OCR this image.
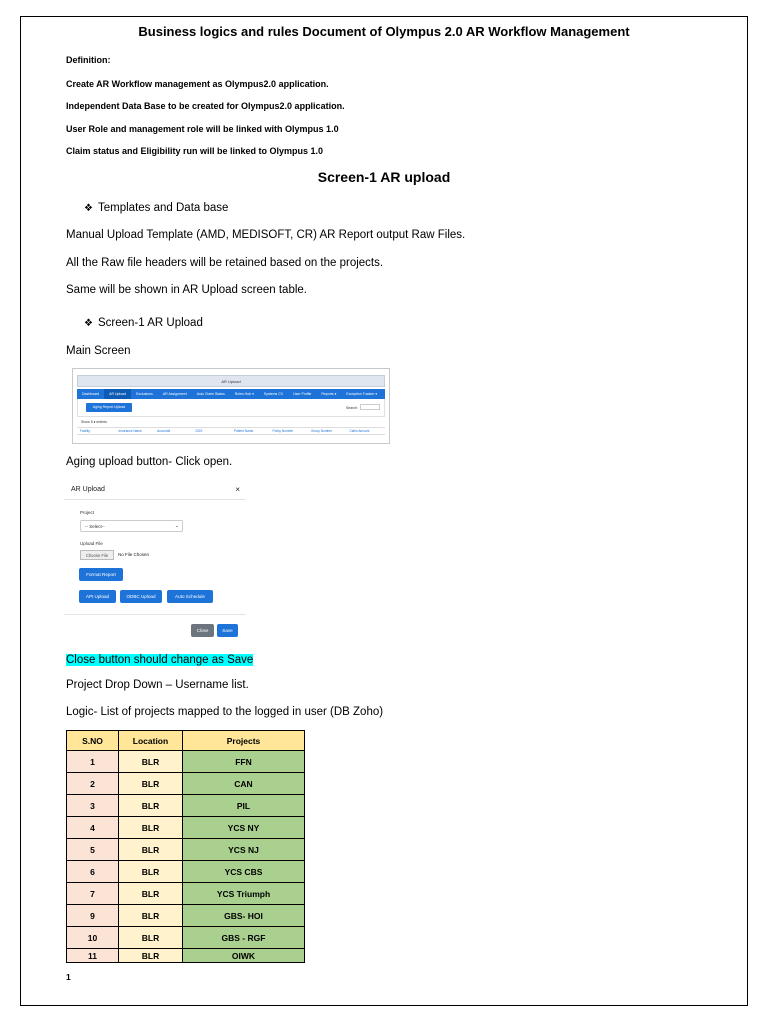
Business logics and rules Document of Olympus 2.0 AR Workflow Management
Definition:
Create AR Workflow management as Olympus2.0 application.
Independent Data Base to be created for Olympus2.0 application.
User Role and management role will be linked with Olympus 1.0
Claim status and Eligibility run will be linked to Olympus 1.0
Screen-1 AR upload
❖ Templates and Data base
Manual Upload Template (AMD, MEDISOFT, CR) AR Report output Raw Files.
All the Raw file headers will be retained based on the projects.
Same will be shown in AR Upload screen table.
❖ Screen-1 AR Upload
Main Screen

AR Upload
Dashboard	AR Upload	Exclusions	AR Assignment	Auto Claim Status	Rules Hub ▾	Systems CV	User Profile	Reports ▾	Exception Tracker ▾
Aging Report Upload	Search:
Show 5 ♦ entries
Facility	Insurance Name	Account#	DOS	Patient Name	Policy Number	Group Number	Claim Amount
Aging upload button- Click open.
AR Upload	×
Project
-- Select--	⌄
Upload File
Choose File	No File Chosen
Format Report
API Upload	ODBC Upload	Auto Schedule
Close	Save
Close button should change as Save
Project Drop Down – Username list.
Logic- List of projects mapped to the logged in user (DB Zoho)
S.NO	Location	Projects
1	BLR	FFN
2	BLR	CAN
3	BLR	PIL
4	BLR	YCS NY
5	BLR	YCS NJ
6	BLR	YCS CBS
7	BLR	YCS Triumph
9	BLR	GBS- HOI
10	BLR	GBS - RGF
11	BLR	OIWK
1
